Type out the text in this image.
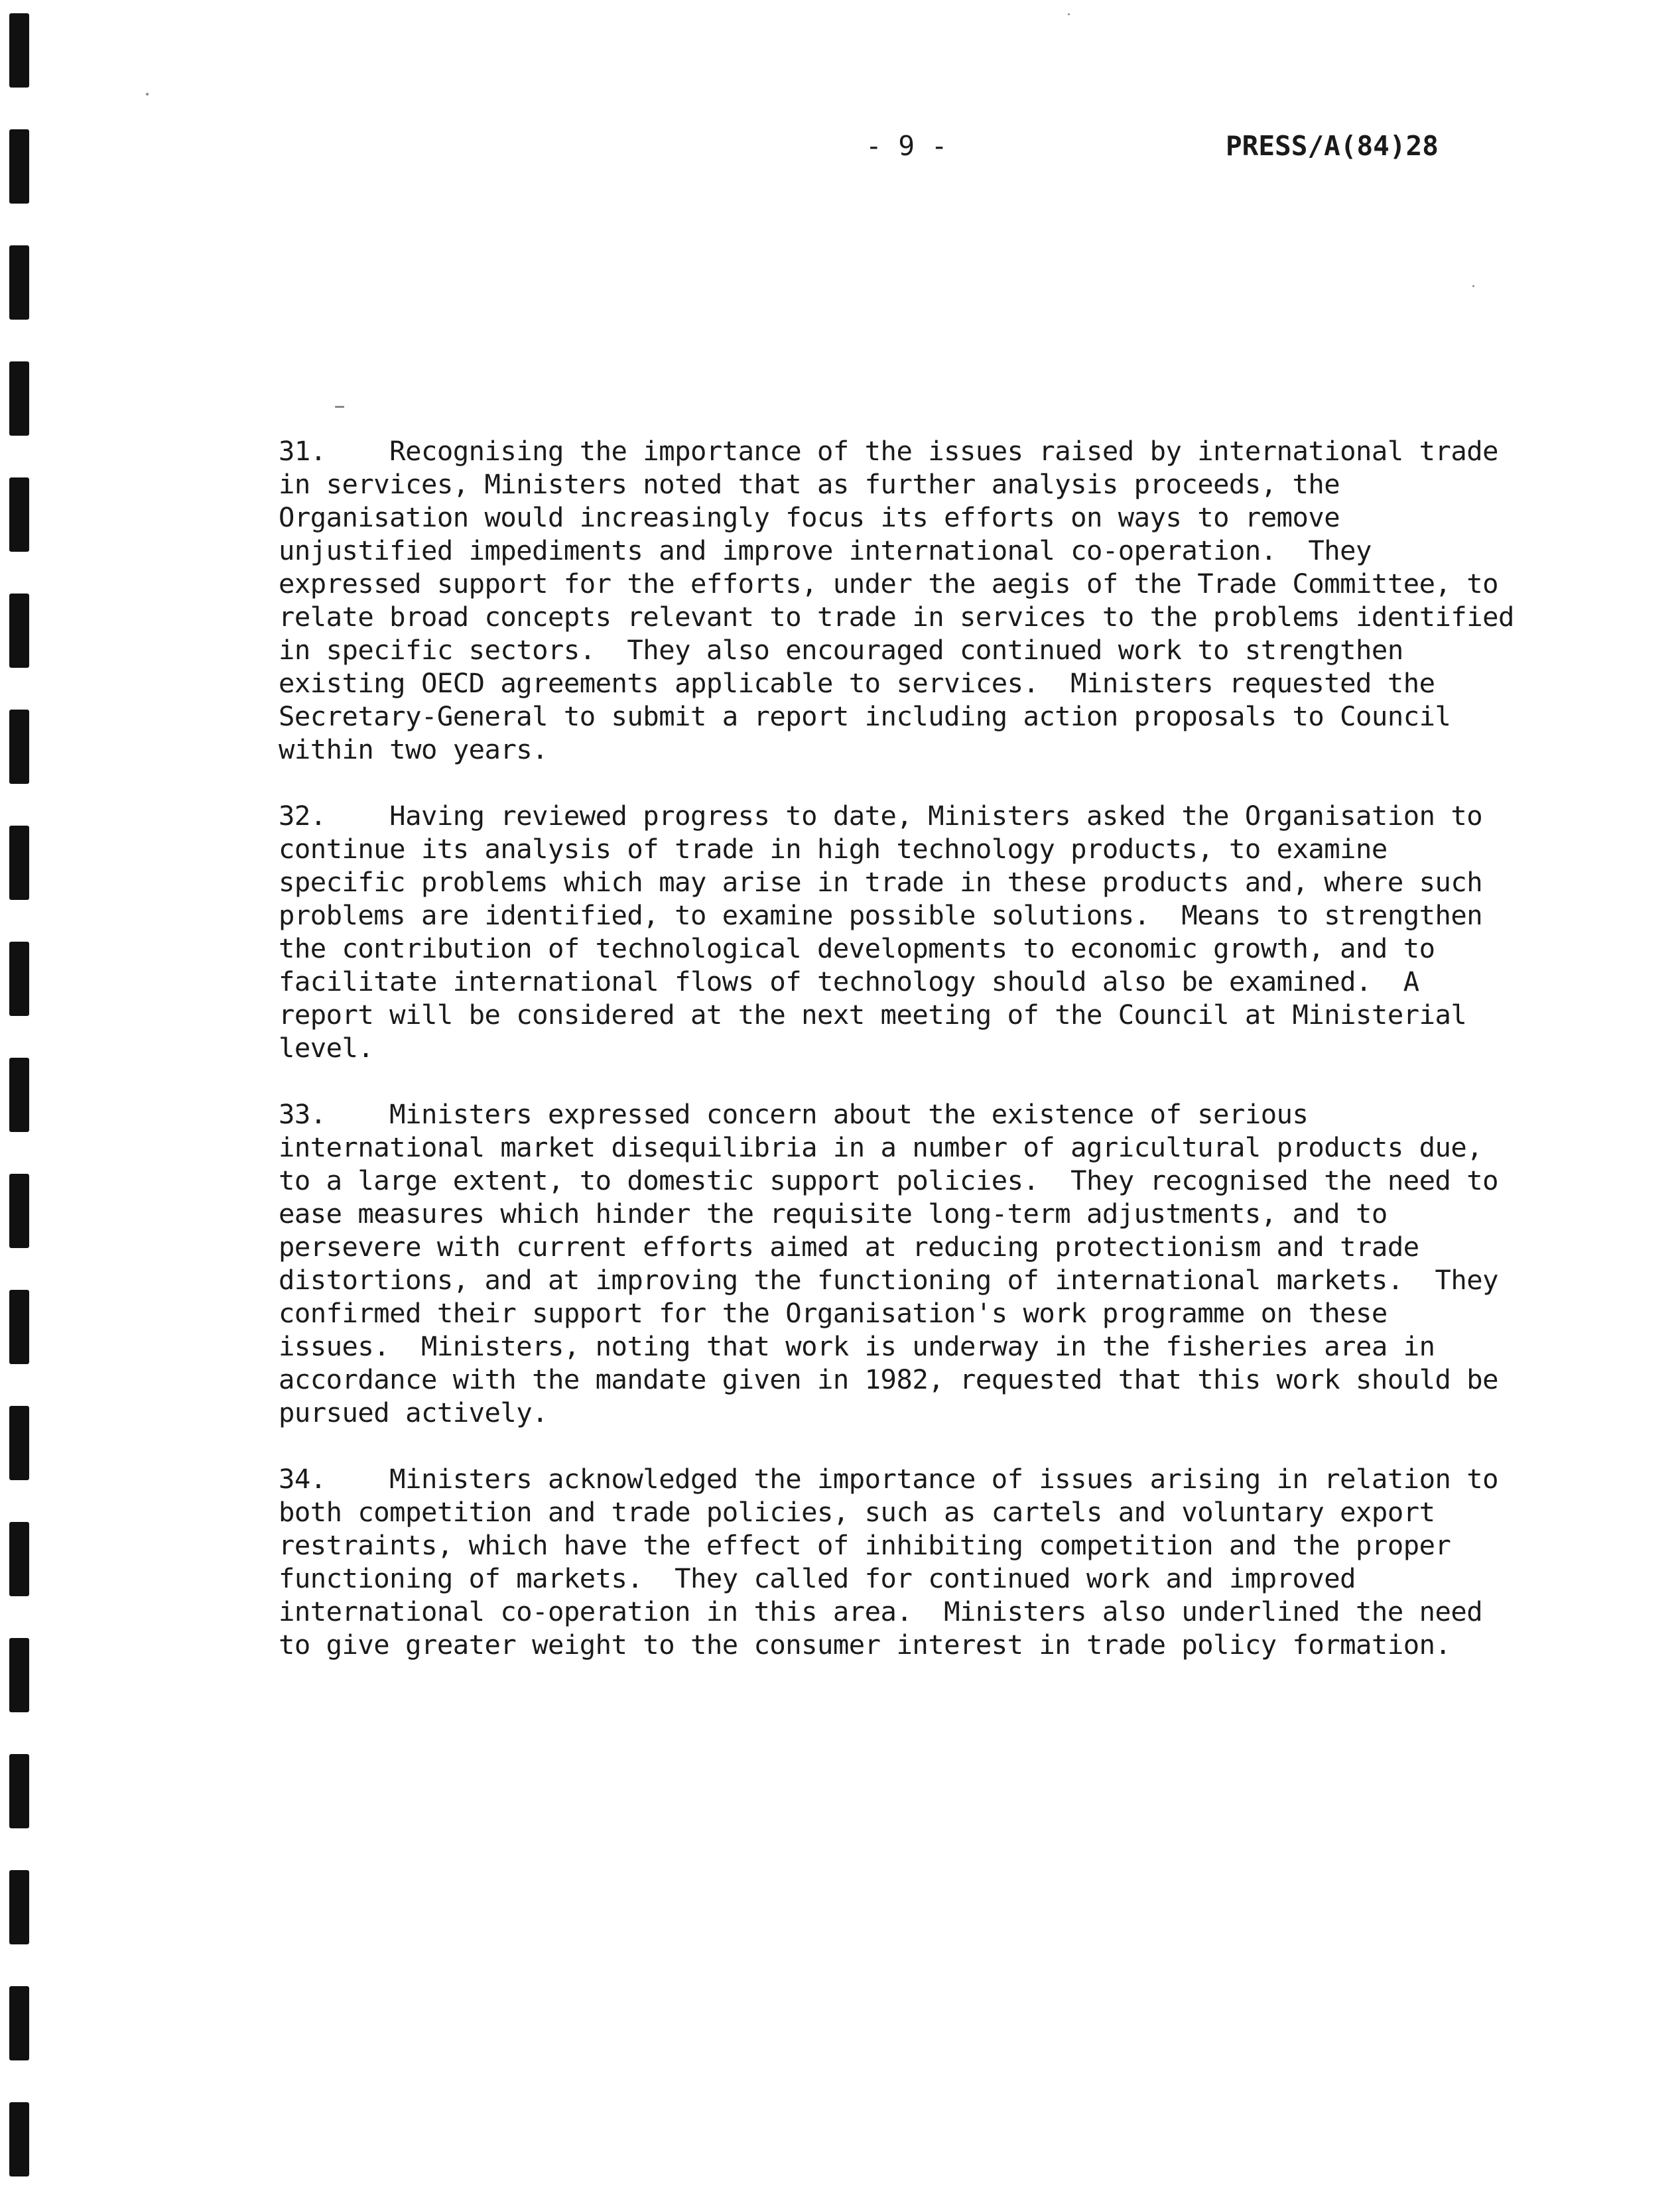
- 9 -	PRESS/A(84)28
31.    Recognising the importance of the issues raised by international trade
in services, Ministers noted that as further analysis proceeds, the
Organisation would increasingly focus its efforts on ways to remove
unjustified impediments and improve international co-operation.  They
expressed support for the efforts, under the aegis of the Trade Committee, to
relate broad concepts relevant to trade in services to the problems identified
in specific sectors.  They also encouraged continued work to strengthen
existing OECD agreements applicable to services.  Ministers requested the
Secretary-General to submit a report including action proposals to Council
within two years.
32.    Having reviewed progress to date, Ministers asked the Organisation to
continue its analysis of trade in high technology products, to examine
specific problems which may arise in trade in these products and, where such
problems are identified, to examine possible solutions.  Means to strengthen
the contribution of technological developments to economic growth, and to
facilitate international flows of technology should also be examined.  A
report will be considered at the next meeting of the Council at Ministerial
level.
33.    Ministers expressed concern about the existence of serious
international market disequilibria in a number of agricultural products due,
to a large extent, to domestic support policies.  They recognised the need to
ease measures which hinder the requisite long-term adjustments, and to
persevere with current efforts aimed at reducing protectionism and trade
distortions, and at improving the functioning of international markets.  They
confirmed their support for the Organisation's work programme on these
issues.  Ministers, noting that work is underway in the fisheries area in
accordance with the mandate given in 1982, requested that this work should be
pursued actively.
34.    Ministers acknowledged the importance of issues arising in relation to
both competition and trade policies, such as cartels and voluntary export
restraints, which have the effect of inhibiting competition and the proper
functioning of markets.  They called for continued work and improved
international co-operation in this area.  Ministers also underlined the need
to give greater weight to the consumer interest in trade policy formation.
